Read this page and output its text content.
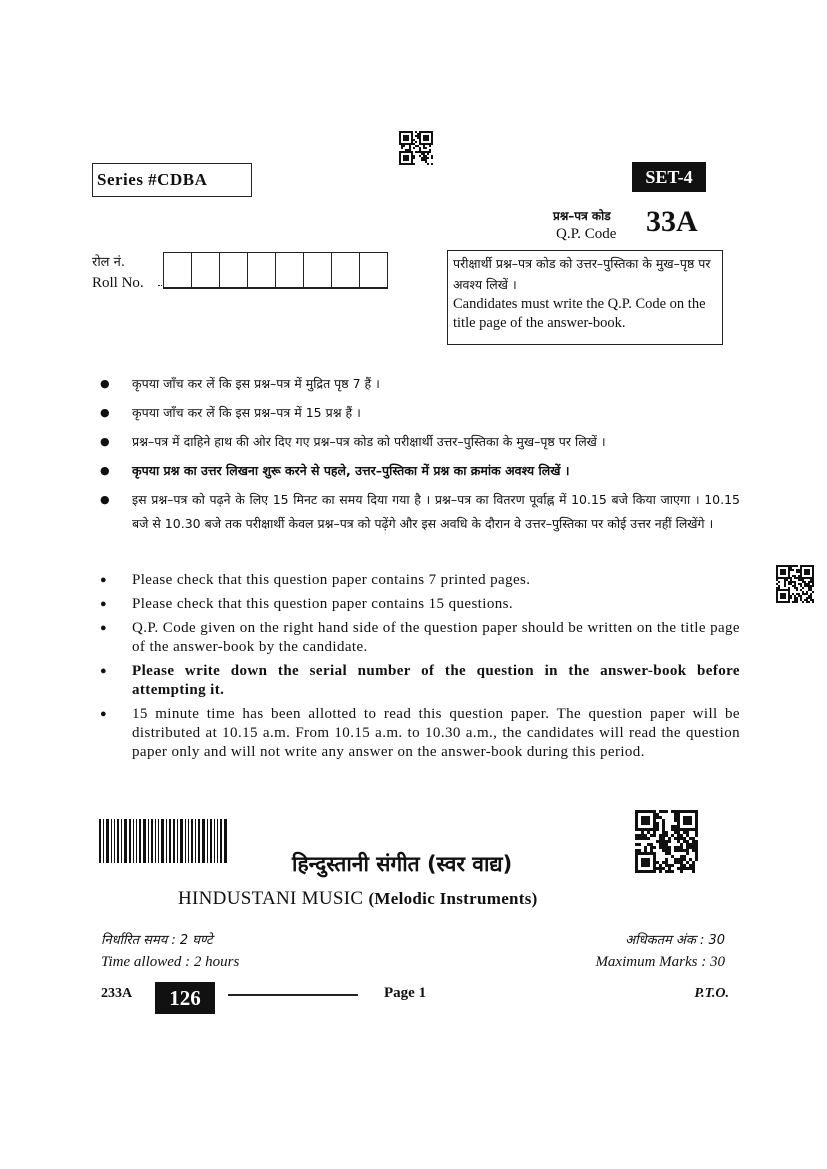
Series #CDBA	SET-4
प्रश्न–पत्र कोड
Q.P. Code 33A
रोल नं.
Roll No.
परीक्षार्थी प्रश्न–पत्र कोड को उत्तर–पुस्तिका के मुख–पृष्ठ पर अवश्य लिखें ।
Candidates must write the Q.P. Code on the title page of the answer-book.
● कृपया जाँच कर लें कि इस प्रश्न–पत्र में मुद्रित पृष्ठ 7 हैं ।
● कृपया जाँच कर लें कि इस प्रश्न–पत्र में 15 प्रश्न हैं ।
● प्रश्न–पत्र में दाहिने हाथ की ओर दिए गए प्रश्न–पत्र कोड को परीक्षार्थी उत्तर–पुस्तिका के मुख–पृष्ठ पर लिखें ।
● कृपया प्रश्न का उत्तर लिखना शुरू करने से पहले, उत्तर–पुस्तिका में प्रश्न का क्रमांक अवश्य लिखें ।
● इस प्रश्न–पत्र को पढ़ने के लिए 15 मिनट का समय दिया गया है । प्रश्न–पत्र का वितरण पूर्वाह्न में 10.15 बजे किया जाएगा । 10.15 बजे से 10.30 बजे तक परीक्षार्थी केवल प्रश्न–पत्र को पढ़ेंगे और इस अवधि के दौरान वे उत्तर–पुस्तिका पर कोई उत्तर नहीं लिखेंगे ।
● Please check that this question paper contains 7 printed pages.
● Please check that this question paper contains 15 questions.
● Q.P. Code given on the right hand side of the question paper should be written on the title page of the answer-book by the candidate.
● Please write down the serial number of the question in the answer-book before attempting it.
● 15 minute time has been allotted to read this question paper. The question paper will be distributed at 10.15 a.m. From 10.15 a.m. to 10.30 a.m., the candidates will read the question paper only and will not write any answer on the answer-book during this period.
हिन्दुस्तानी संगीत (स्वर वाद्य)
HINDUSTANI MUSIC (Melodic Instruments)
निर्धारित समय : 2 घण्टे
Time allowed : 2 hours
अधिकतम अंक : 30
Maximum Marks : 30
233A	126	Page 1	P.T.O.
